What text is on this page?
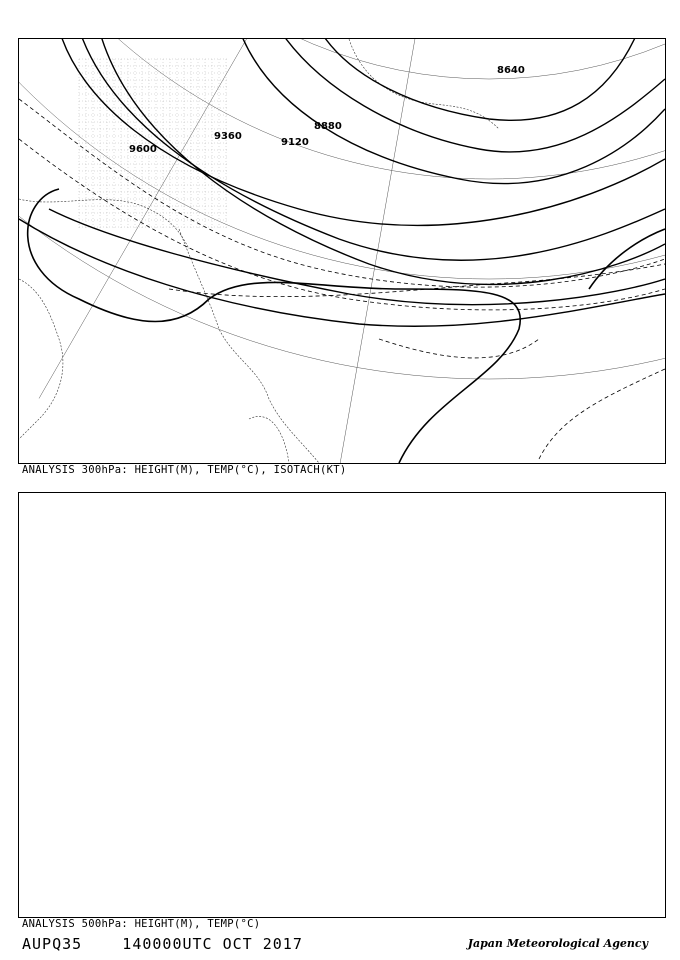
9600
9360
9120
8880
8640
ANALYSIS 300hPa: HEIGHT(M), TEMP(°C), ISOTACH(KT)
ANALYSIS 500hPa: HEIGHT(M), TEMP(°C)
AUPQ35    140000UTC OCT 2017	Japan Meteorological Agency
